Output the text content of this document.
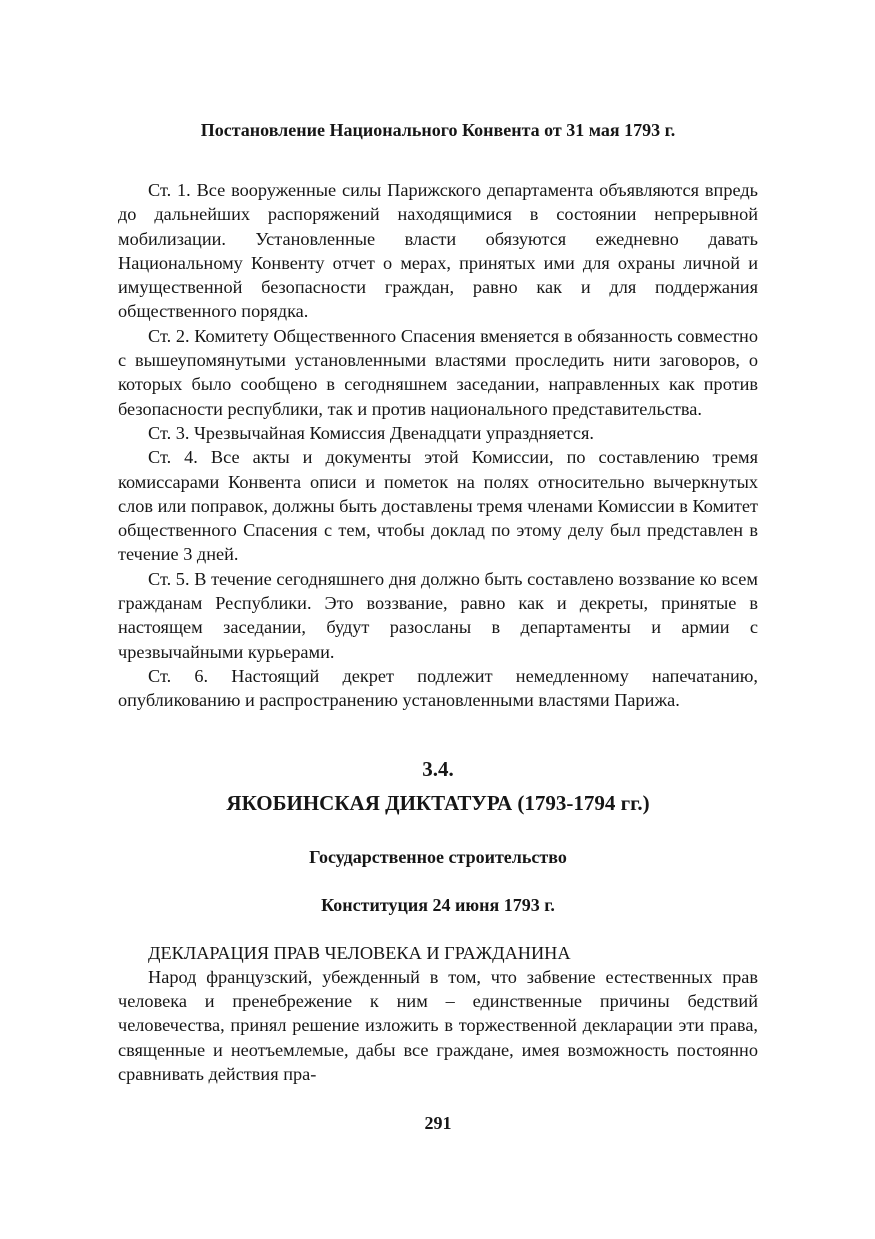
Постановление Национального Конвента от 31 мая 1793 г.

Ст. 1. Все вооруженные силы Парижского департамента объявляются впредь до дальнейших распоряжений находящимися в состоянии непрерывной мобилизации. Установленные власти обязуются ежедневно давать Национальному Конвенту отчет о мерах, принятых ими для охраны личной и имущественной безопасности граждан, равно как и для поддержания общественного порядка.

Ст. 2. Комитету Общественного Спасения вменяется в обязанность совместно с вышеупомянутыми установленными властями проследить нити заговоров, о которых было сообщено в сегодняшнем заседании, направленных как против безопасности республики, так и против национального представительства.

Ст. 3. Чрезвычайная Комиссия Двенадцати упраздняется.

Ст. 4. Все акты и документы этой Комиссии, по составлению тремя комиссарами Конвента описи и пометок на полях относительно вычеркнутых слов или поправок, должны быть доставлены тремя членами Комиссии в Комитет общественного Спасения с тем, чтобы доклад по этому делу был представлен в течение 3 дней.

Ст. 5. В течение сегодняшнего дня должно быть составлено воззвание ко всем гражданам Республики. Это воззвание, равно как и декреты, принятые в настоящем заседании, будут разосланы в департаменты и армии с чрезвычайными курьерами.

Ст. 6. Настоящий декрет подлежит немедленному напечатанию, опубликованию и распространению установленными властями Парижа.

3.4.

ЯКОБИНСКАЯ ДИКТАТУРА (1793-1794 гг.)

Государственное строительство

Конституция 24 июня 1793 г.

ДЕКЛАРАЦИЯ ПРАВ ЧЕЛОВЕКА И ГРАЖДАНИНА

Народ французский, убежденный в том, что забвение естественных прав человека и пренебрежение к ним – единственные причины бедствий человечества, принял решение изложить в торжественной декларации эти права, священные и неотъемлемые, дабы все граждане, имея возможность постоянно сравнивать действия пра-

291
